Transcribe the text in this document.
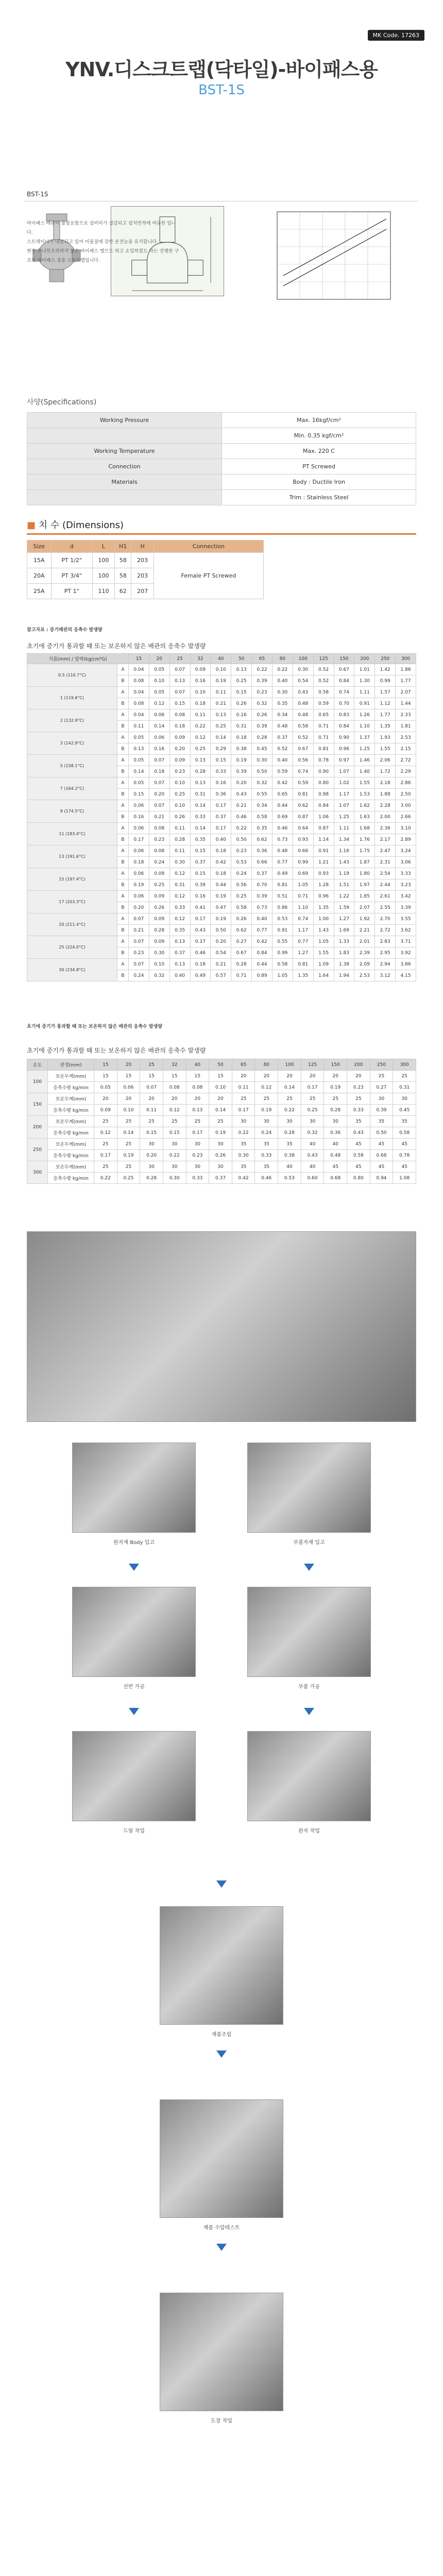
MK Code. 17263
YNV.디스크트랩(닥타일)-바이패스용
BST-1S
BST-1S
바이패스 배관이 불필요함으로 설비비가 절감되고 설치면적에 여유한 입니다.
스트레이너가 내장되고 있어 이물질에 강한 운전능을 유지합니다.
현장 무니언조작하지 않은 바이패스 밸브도 하고 소입하였도 하는 진행한 구조의 바이패스 겸용 스팀트랩입니다.
사양(Specifications)
Working Pressure	Max. 16kgf/cm²
	Min. 0.35 kgf/cm²
Working Temperature	Max. 220 C
Connection	PT Screwed
Materials	Body : Ductile Iron
	Trim : Stainless Steel
■ 치 수 (Dimensions)
Size	d	L	H1	H	Connection
15A	PT 1/2"	100	58	203	Female PT Screwed
20A	PT 3/4"	100	58	203	
25A	PT 1"	110	62	207	
참고자료 : 증기배관의 응축수 발생량
초기에 증기가 통과할 때 또는 보온하지 않은 배관의 응축수 발생량
지름(mm) / 압력(kg/cm²G)		15	20	25	32	40	50	65	80	100	125	150	200	250	300
0.5 (110.7°C)	A	0.04	0.05	0.07	0.09	0.10	0.13	0.22	0.22	0.30	0.52	0.67	1.01	1.42	1.86
	B	0.08	0.10	0.13	0.16	0.19	0.25	0.39	0.40	0.54	0.52	0.84	1.30	0.99	1.77
1 (119.6°C)	A	0.04	0.05	0.07	0.10	0.11	0.15	0.23	0.30	0.43	0.58	0.74	1.11	1.57	2.07
	B	0.08	0.12	0.15	0.18	0.21	0.26	0.32	0.35	0.48	0.59	0.70	0.91	1.12	1.44
2 (132.9°C)	A	0.04	0.06	0.08	0.11	0.13	0.16	0.26	0.34	0.48	0.65	0.83	1.26	1.77	2.33
	B	0.11	0.14	0.18	0.22	0.25	0.31	0.39	0.48	0.58	0.71	0.84	1.10	1.35	1.81
3 (142.9°C)	A	0.05	0.06	0.09	0.12	0.14	0.18	0.28	0.37	0.52	0.71	0.90	1.37	1.93	2.53
	B	0.13	0.16	0.20	0.25	0.29	0.38	0.45	0.52	0.67	0.81	0.96	1.25	1.55	2.15
5 (158.1°C)	A	0.05	0.07	0.09	0.13	0.15	0.19	0.30	0.40	0.56	0.78	0.97	1.46	2.06	2.72
	B	0.14	0.18	0.23	0.28	0.33	0.39	0.50	0.59	0.74	0.90	1.07	1.40	1.72	2.29
7 (164.2°C)	A	0.05	0.07	0.10	0.13	0.16	0.20	0.32	0.42	0.59	0.80	1.02	1.55	2.18	2.86
	B	0.15	0.20	0.25	0.31	0.36	0.43	0.55	0.65	0.81	0.98	1.17	1.53	1.88	2.50
9 (174.5°C)	A	0.06	0.07	0.10	0.14	0.17	0.21	0.34	0.44	0.62	0.84	1.07	1.62	2.28	3.00
	B	0.16	0.21	0.26	0.33	0.37	0.46	0.58	0.69	0.87	1.06	1.25	1.63	2.00	2.66
11 (183.4°C)	A	0.06	0.08	0.11	0.14	0.17	0.22	0.35	0.46	0.64	0.87	1.11	1.68	2.36	3.10
	B	0.17	0.23	0.28	0.35	0.40	0.50	0.62	0.73	0.93	1.14	1.34	1.76	2.17	2.89
13 (191.6°C)	A	0.06	0.08	0.11	0.15	0.18	0.23	0.36	0.48	0.66	0.91	1.16	1.75	2.47	3.24
	B	0.18	0.24	0.30	0.37	0.42	0.53	0.66	0.77	0.99	1.21	1.43	1.87	2.31	3.06
15 (197.4°C)	A	0.06	0.08	0.12	0.15	0.18	0.24	0.37	0.49	0.69	0.93	1.19	1.80	2.54	3.33
	B	0.19	0.25	0.31	0.39	0.44	0.56	0.70	0.81	1.05	1.28	1.51	1.97	2.44	3.23
17 (203.3°C)	A	0.06	0.09	0.12	0.16	0.19	0.25	0.39	0.51	0.71	0.96	1.22	1.85	2.61	3.42
	B	0.20	0.26	0.33	0.41	0.47	0.58	0.73	0.86	1.10	1.35	1.59	2.07	2.55	3.39
20 (211.4°C)	A	0.07	0.09	0.12	0.17	0.19	0.26	0.40	0.53	0.74	1.00	1.27	1.92	2.70	3.55
	B	0.21	0.28	0.35	0.43	0.50	0.62	0.77	0.91	1.17	1.43	1.69	2.21	2.72	3.62
25 (224.0°C)	A	0.07	0.09	0.13	0.17	0.20	0.27	0.42	0.55	0.77	1.05	1.33	2.01	2.83	3.71
	B	0.23	0.30	0.37	0.46	0.54	0.67	0.84	0.99	1.27	1.55	1.83	2.39	2.95	3.92
30 (234.8°C)	A	0.07	0.10	0.13	0.18	0.21	0.28	0.44	0.58	0.81	1.09	1.38	2.09	2.94	3.86
	B	0.24	0.32	0.40	0.49	0.57	0.71	0.89	1.05	1.35	1.64	1.94	2.53	3.12	4.15
초기에 증기가 통과할 때 또는 보온하지 않은 배관의 응축수 발생량
초기에 증기가 통과할 때 또는 보온하지 않은 배관의 응축수 발생량
온도	관경(mm)	15	20	25	32	40	50	65	80	100	125	150	200	250	300
100	보온두께(mm)	15	15	15	15	15	15	20	20	20	20	20	20	25	25
	응축수량 kg/min	0.05	0.06	0.07	0.08	0.08	0.10	0.11	0.12	0.14	0.17	0.19	0.23	0.27	0.31
150	보온두께(mm)	20	20	20	20	20	20	25	25	25	25	25	25	30	30
	응축수량 kg/min	0.09	0.10	0.11	0.12	0.13	0.14	0.17	0.19	0.22	0.25	0.28	0.33	0.39	0.45
200	보온두께(mm)	25	25	25	25	25	25	30	30	30	30	30	35	35	35
	응축수량 kg/min	0.12	0.14	0.15	0.15	0.17	0.19	0.22	0.24	0.28	0.32	0.36	0.43	0.50	0.58
250	보온두께(mm)	25	25	30	30	30	30	35	35	35	40	40	45	45	45
	응축수량 kg/min	0.17	0.19	0.20	0.22	0.23	0.26	0.30	0.33	0.38	0.43	0.48	0.58	0.68	0.78
300	보온두께(mm)	25	25	30	30	30	30	35	35	40	40	45	45	45	45
	응축수량 kg/min	0.22	0.25	0.28	0.30	0.33	0.37	0.42	0.46	0.53	0.60	0.68	0.80	0.94	1.08
원자재 Body 입고	부품자재 입고
선반 가공	부품 가공
드릴 작업	완자 작업
재품조립
제품 수압테스트
도장 작업
